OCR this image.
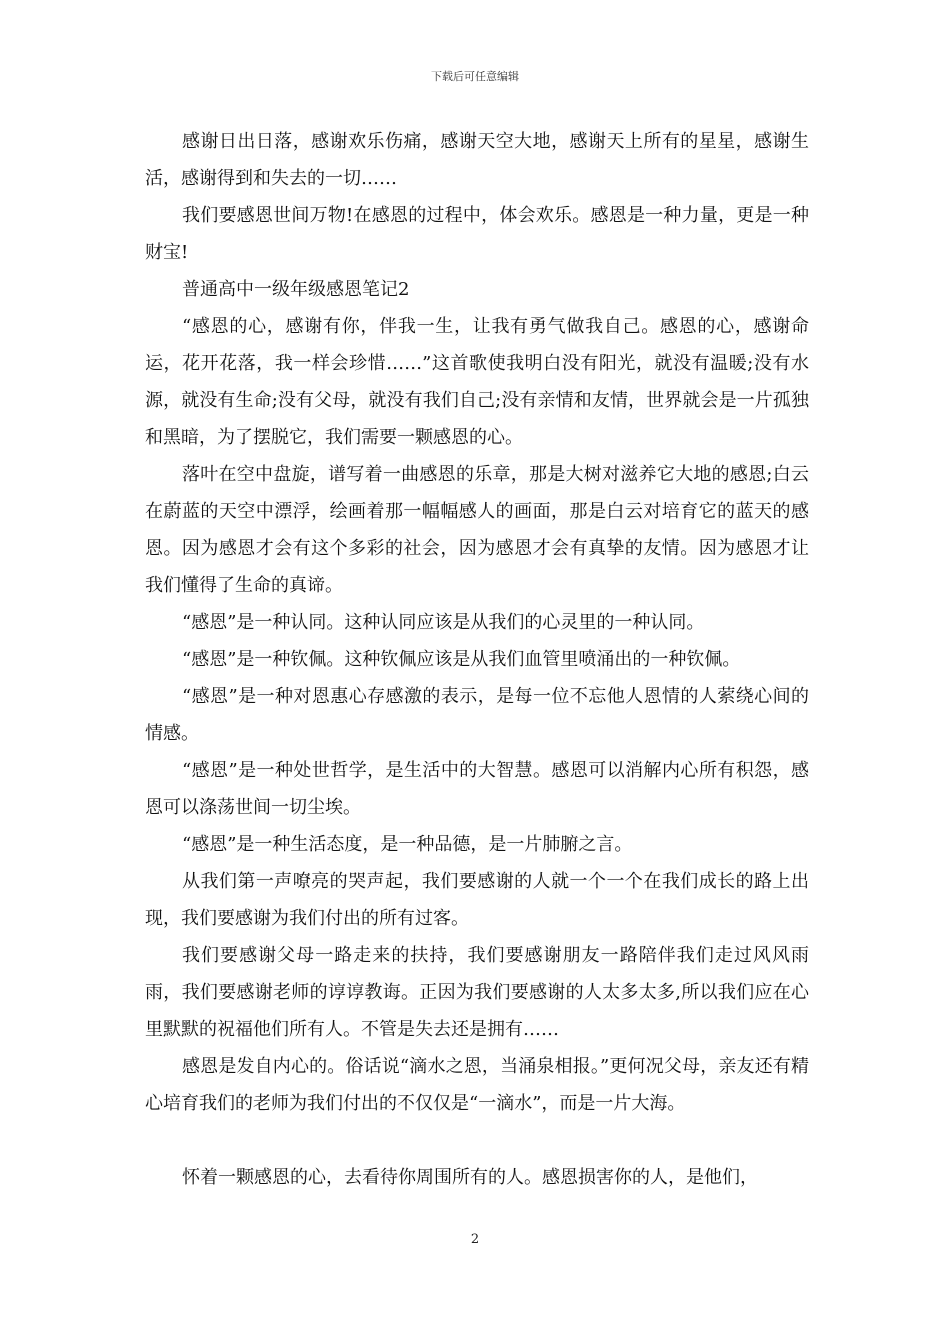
下载后可任意编辑

感谢日出日落，感谢欢乐伤痛，感谢天空大地，感谢天上所有的星星，感谢生活，感谢得到和失去的一切……

我们要感恩世间万物!在感恩的过程中，体会欢乐。感恩是一种力量，更是一种财宝!

普通高中一级年级感恩笔记2

“感恩的心，感谢有你，伴我一生，让我有勇气做我自己。感恩的心，感谢命运，花开花落，我一样会珍惜……”这首歌使我明白没有阳光，就没有温暖;没有水源，就没有生命;没有父母，就没有我们自己;没有亲情和友情，世界就会是一片孤独和黑暗，为了摆脱它，我们需要一颗感恩的心。

落叶在空中盘旋，谱写着一曲感恩的乐章，那是大树对滋养它大地的感恩;白云在蔚蓝的天空中漂浮，绘画着那一幅幅感人的画面，那是白云对培育它的蓝天的感恩。因为感恩才会有这个多彩的社会，因为感恩才会有真挚的友情。因为感恩才让我们懂得了生命的真谛。

“感恩”是一种认同。这种认同应该是从我们的心灵里的一种认同。

“感恩”是一种钦佩。这种钦佩应该是从我们血管里喷涌出的一种钦佩。

“感恩”是一种对恩惠心存感激的表示，是每一位不忘他人恩情的人萦绕心间的情感。

“感恩”是一种处世哲学，是生活中的大智慧。感恩可以消解内心所有积怨，感恩可以涤荡世间一切尘埃。

“感恩”是一种生活态度，是一种品德，是一片肺腑之言。

从我们第一声嘹亮的哭声起，我们要感谢的人就一个一个在我们成长的路上出现，我们要感谢为我们付出的所有过客。

我们要感谢父母一路走来的扶持，我们要感谢朋友一路陪伴我们走过风风雨雨，我们要感谢老师的谆谆教诲。正因为我们要感谢的人太多太多,所以我们应在心里默默的祝福他们所有人。不管是失去还是拥有……

感恩是发自内心的。俗话说“滴水之恩，当涌泉相报。”更何况父母，亲友还有精心培育我们的老师为我们付出的不仅仅是“一滴水”，而是一片大海。

怀着一颗感恩的心，去看待你周围所有的人。感恩损害你的人，是他们，

2
